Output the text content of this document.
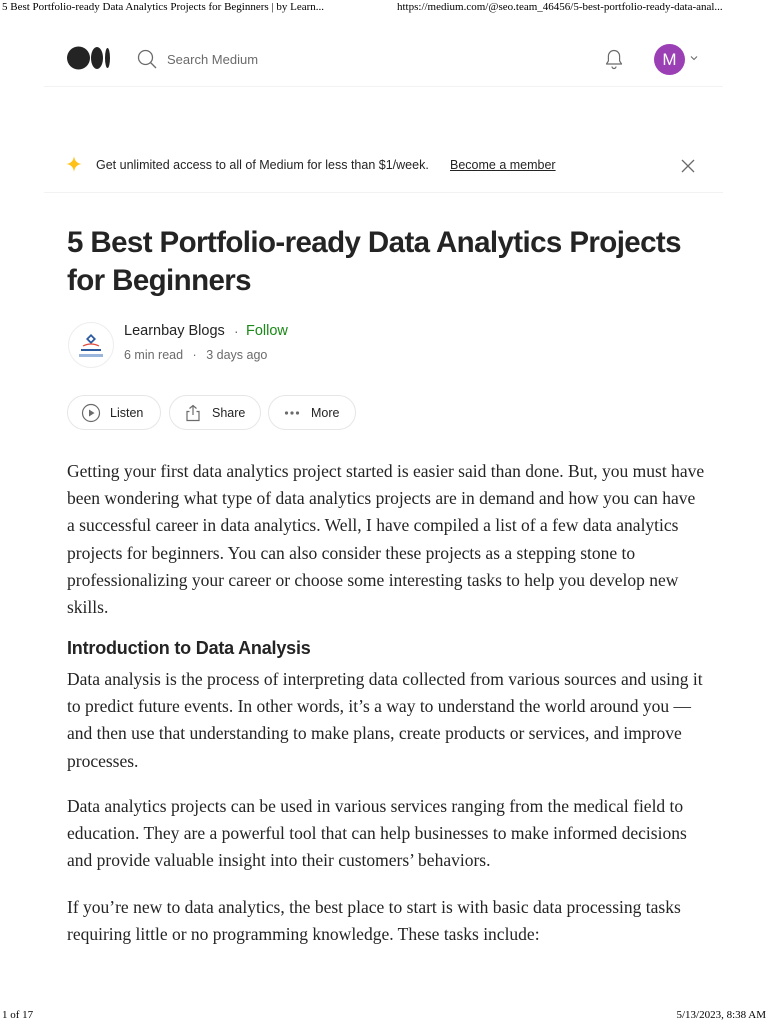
5 Best Portfolio-ready Data Analytics Projects for Beginners | by Learn...	https://medium.com/@seo.team_46456/5-best-portfolio-ready-data-anal...
Search Medium	M
Get unlimited access to all of Medium for less than $1/week. Become a member
5 Best Portfolio-ready Data Analytics Projects for Beginners
Learnbay Blogs · Follow
6 min read · 3 days ago
Listen	Share	More

Getting your first data analytics project started is easier said than done. But, you must have been wondering what type of data analytics projects are in demand and how you can have a successful career in data analytics. Well, I have compiled a list of a few data analytics projects for beginners. You can also consider these projects as a stepping stone to professionalizing your career or choose some interesting tasks to help you develop new skills.

Introduction to Data Analysis

Data analysis is the process of interpreting data collected from various sources and using it to predict future events. In other words, it’s a way to understand the world around you — and then use that understanding to make plans, create products or services, and improve processes.

Data analytics projects can be used in various services ranging from the medical field to education. They are a powerful tool that can help businesses to make informed decisions and provide valuable insight into their customers’ behaviors.

If you’re new to data analytics, the best place to start is with basic data processing tasks requiring little or no programming knowledge. These tasks include:

1 of 17	5/13/2023, 8:38 AM
